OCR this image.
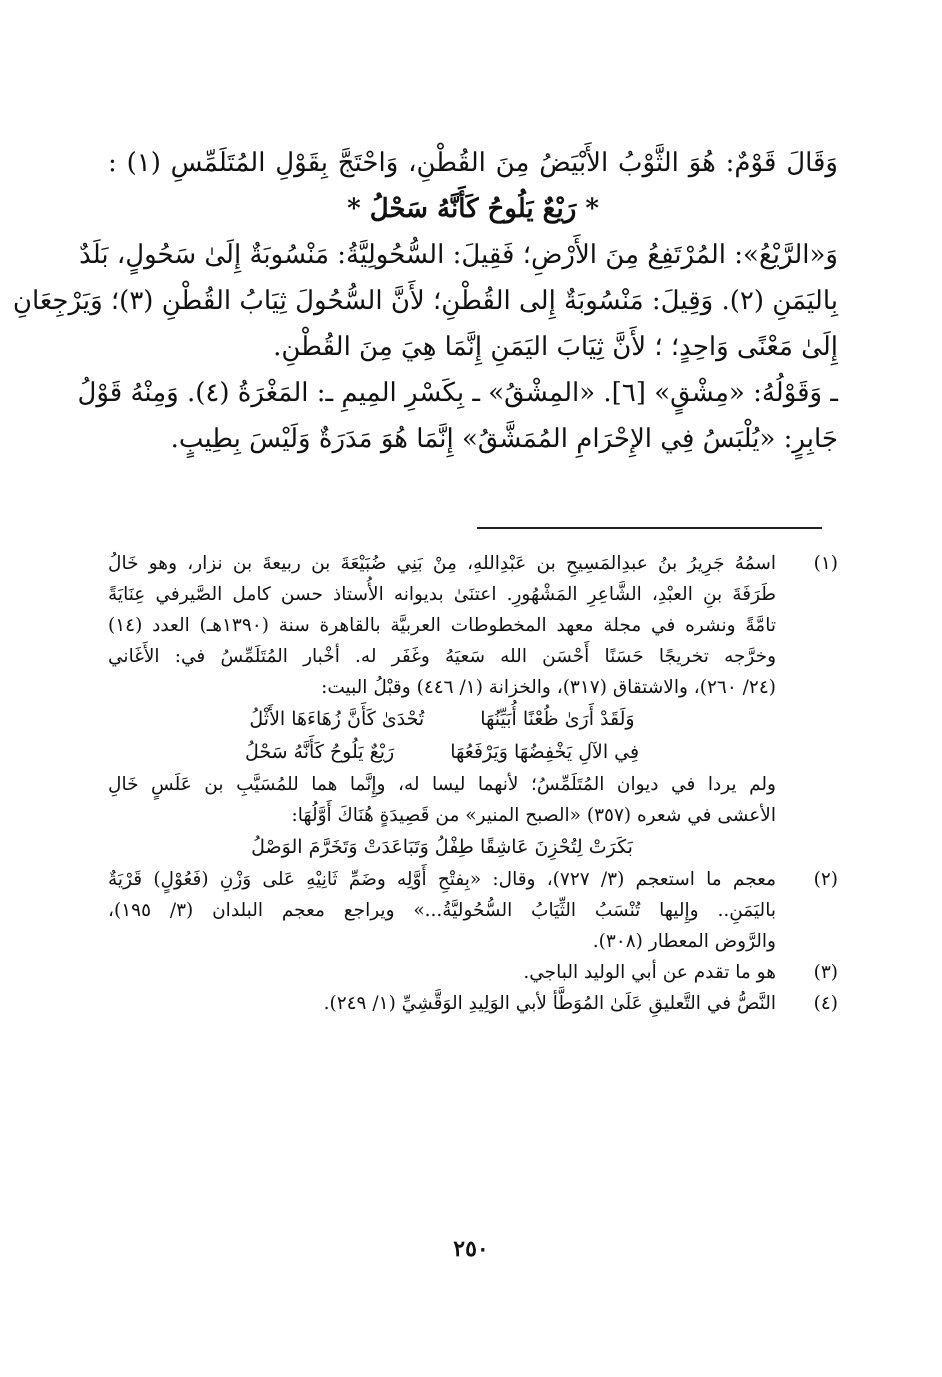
وَقَالَ قَوْمٌ: هُوَ الثَّوْبُ الأَبْيَضُ مِنَ القُطْنِ، وَاحْتَجَّ بِقَوْلِ المُتَلَمِّسِ (١) :
* رَيْعٌ يَلُوحُ كَأَنَّهُ سَحْلُ *
وَ«الرَّيْعُ»: المُرْتَفِعُ مِنَ الأَرْضِ؛ فَقِيلَ: السُّحُولِيَّةُ: مَنْسُوبَةٌ إِلَىٰ سَحُولٍ، بَلَدٌ
بِاليَمَنِ (٢). وَقِيلَ: مَنْسُوبَةٌ إِلى القُطْنِ؛ لأَنَّ السُّحُولَ ثِيَابُ القُطْنِ (٣)؛ وَيَرْجِعَانِ
إِلَىٰ مَعْنًى وَاحِدٍ؛ ؛ لأَنَّ ثِيَابَ اليَمَنِ إِنَّمَا هِيَ مِنَ القُطْنِ.
ـ وَقَوْلُهُ: «مِشْقٍ» [٦]. «المِشْقُ» ـ بِكَسْرِ المِيمِ ـ: المَغْرَةُ (٤). وَمِنْهُ قَوْلُ
جَابِرٍ: «يُلْبَسُ فِي الإِحْرَامِ المُمَشَّقُ» إِنَّمَا هُوَ مَدَرَةٌ وَلَيْسَ بِطِيبٍ.
(١)
اسمُهُ جَرِيرُ بنُ عبدِالمَسِيحِ بن عَبْدِاللهِ، مِنْ بَنِي ضُبَيْعَةَ بن ربيعةَ بن نزار، وهو خَالُ
طَرَفَةَ بنِ العبْدِ، الشَّاعِرِ المَشْهُورِ. اعتنَىٰ بديوانه الأُستاذ حسن كامل الصَّيرفي عِنَايَةً
تامَّةً ونشره في مجلة معهد المخطوطات العربيَّة بالقاهرة سنة (١٣٩٠هـ) العدد (١٤)
وخرَّجه تخريجًا حَسَنًا أَحْسَن الله سَعيَهُ وغَفَر له. أخْبار المُتَلَمِّسُ في: الأَغَاني
(٢٤/ ٢٦٠)، والاشتقاق (٣١٧)، والخزانة (١/ ٤٤٦) وقبْلُ البيت:
وَلَقَدْ أَرَىٰ ظُعْنًا أُبَيِّنُهَا
تُحْدَىٰ كَأَنَّ زُهَاءَهَا الأَثْلُ
فِي الآلِ يَخْفِضُهَا وَيَرْفَعُهَا
رَيْعٌ يَلُوحُ كَأَنَّهُ سَحْلُ
ولم يردا في ديوان المُتَلَمِّسُ؛ لأنهما ليسا له، وإِنَّما هما للمُسَيَّبِ بن عَلَسٍ خَالِ
الأعشى في شعره (٣٥٧) «الصبح المنير» من قَصِيدَةٍ هُنَاكَ أَوَّلُهَا:
بَكَرَتْ لِتُحْزِنَ عَاشِقًا طِفْلُ وَتَبَاعَدَتْ وَتَخَرَّمَ الوَصْلُ
(٢)
معجم ما استعجم (٣/ ٧٢٧)، وقال: «بِفتْحِ أَوَّلِه وضَمِّ ثَانِيْهِ عَلى وَزْنِ (فَعُوْلٍ) قَرْيَةٌ
باليَمَنِ.. وإِليها تُنْسَبُ الثِّيَابُ السُّحُوليَّةُ...» ويراجع معجم البلدان (٣/ ١٩٥)،
والرَّوض المعطار (٣٠٨).
(٣)
هو ما تقدم عن أبي الوليد الباجي.
(٤)
النَّصُّ في التَّعليقِ عَلَىٰ المُوَطَّأ لأبي الوَلِيدِ الوَقَّشِيِّ (١/ ٢٤٩).
٢٥٠
